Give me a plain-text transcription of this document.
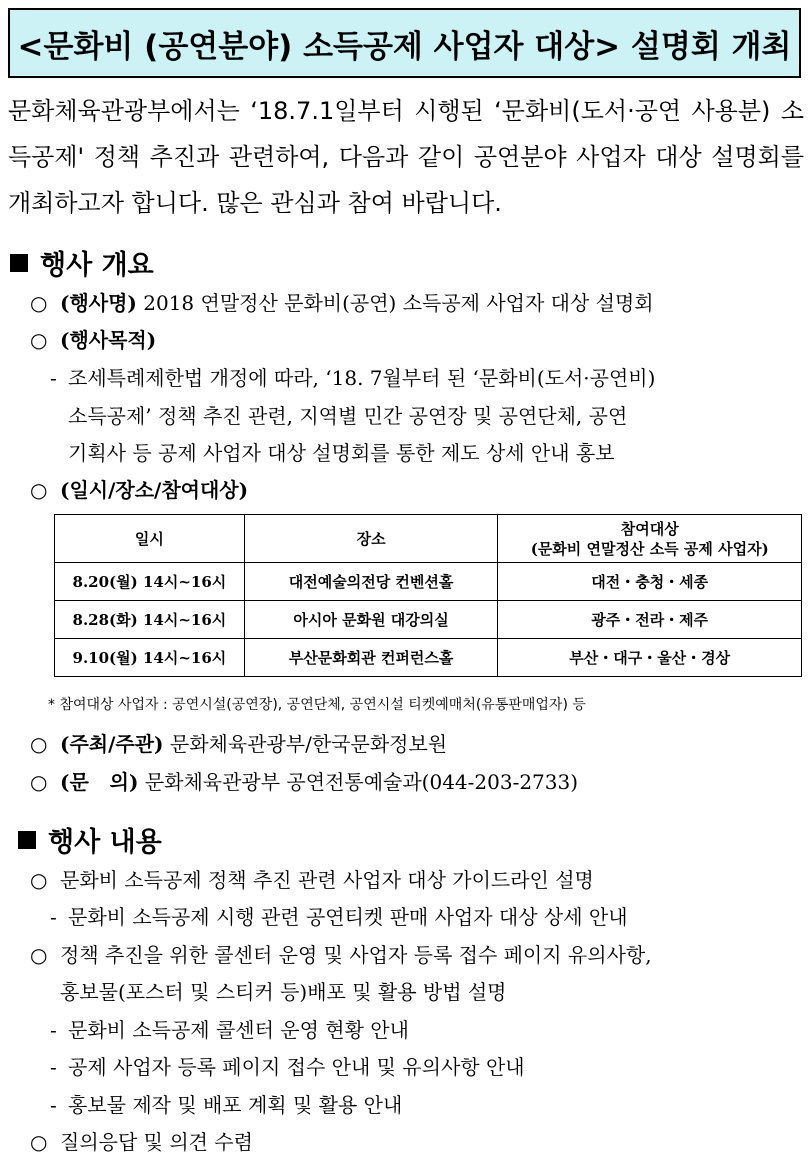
<문화비 (공연분야) 소득공제 사업자 대상> 설명회 개최
문화체육관광부에서는 ‘18.7.1일부터 시행된 ‘문화비(도서·공연 사용분) 소득공제' 정책 추진과 관련하여, 다음과 같이 공연분야 사업자 대상 설명회를 개최하고자 합니다. 많은 관심과 참여 바랍니다.
행사 개요
○ (행사명) 2018 연말정산 문화비(공연) 소득공제 사업자 대상 설명회
○ (행사목적)
- 조세특례제한법 개정에 따라, ‘18. 7월부터 된 ‘문화비(도서·공연비)
소득공제’ 정책 추진 관련, 지역별 민간 공연장 및 공연단체, 공연
기획사 등 공제 사업자 대상 설명회를 통한 제도 상세 안내 홍보
○ (일시/장소/참여대상)
일시	장소	참여대상
(문화비 연말정산 소득 공제 사업자)

8.20(월) 14시~16시	대전예술의전당 컨벤션홀	대전・충청・세종
8.28(화) 14시~16시	아시아 문화원 대강의실	광주・전라・제주
9.10(월) 14시~16시	부산문화회관 컨퍼런스홀	부산・대구・울산・경상
* 참여대상 사업자 : 공연시설(공연장), 공연단체, 공연시설 티켓예매처(유통판매업자) 등
○ (주최/주관) 문화체육관광부/한국문화정보원
○ (문   의) 문화체육관광부 공연전통예술과(044-203-2733)
행사 내용
○ 문화비 소득공제 정책 추진 관련 사업자 대상 가이드라인 설명
- 문화비 소득공제 시행 관련 공연티켓 판매 사업자 대상 상세 안내
○ 정책 추진을 위한 콜센터 운영 및 사업자 등록 접수 페이지 유의사항,
홍보물(포스터 및 스티커 등)배포 및 활용 방법 설명
- 문화비 소득공제 콜센터 운영 현황 안내
- 공제 사업자 등록 페이지 접수 안내 및 유의사항 안내
- 홍보물 제작 및 배포 계획 및 활용 안내
○ 질의응답 및 의견 수렴
